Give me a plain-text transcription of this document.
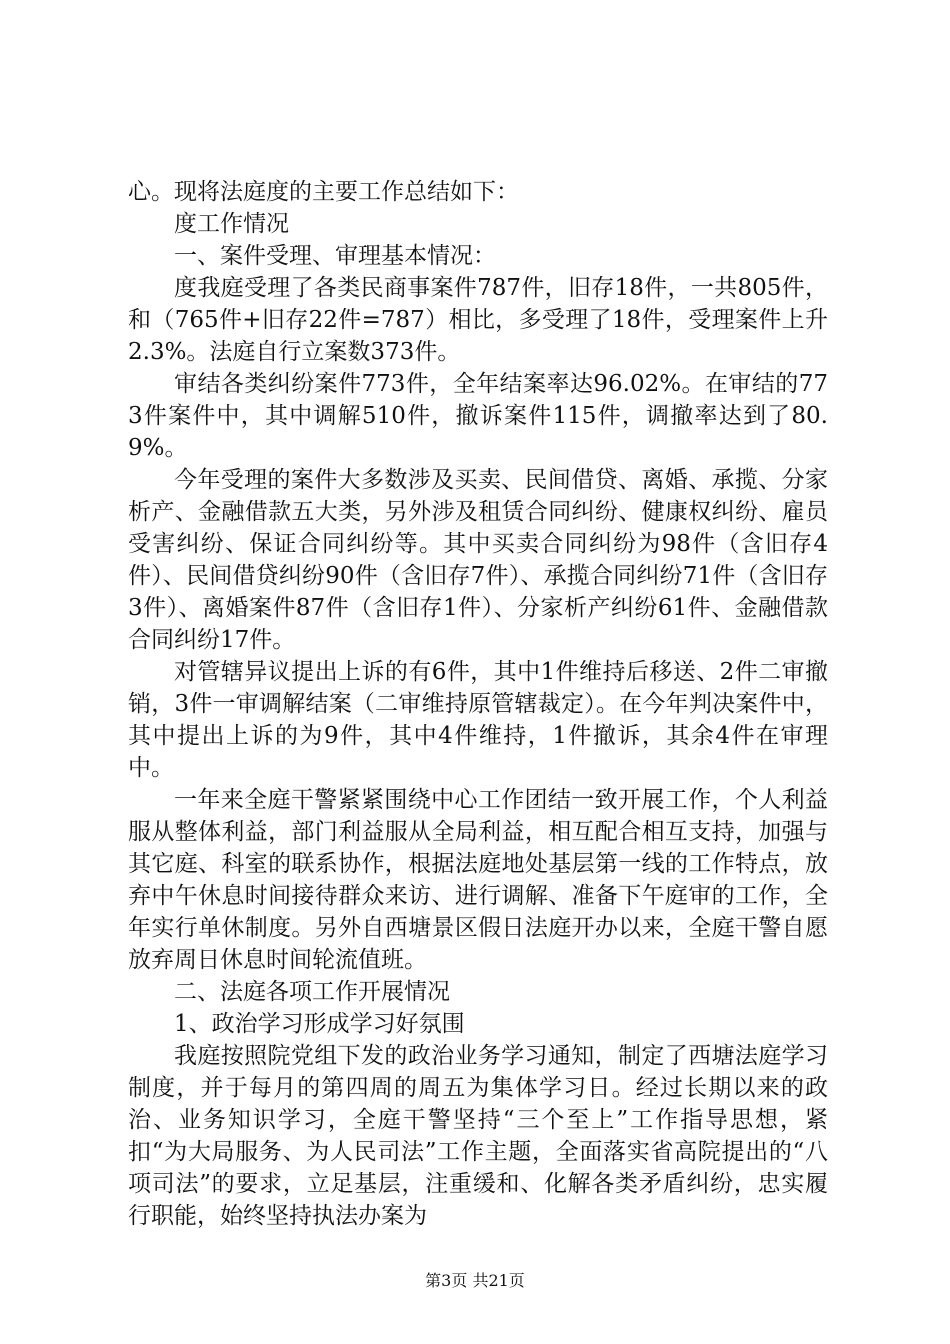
心。现将法庭度的主要工作总结如下：

度工作情况

一、案件受理、审理基本情况：

度我庭受理了各类民商事案件787件，旧存18件，一共805件，和（765件+旧存22件=787）相比，多受理了18件，受理案件上升2.3%。法庭自行立案数373件。

审结各类纠纷案件773件，全年结案率达96.02%。在审结的773件案件中，其中调解510件，撤诉案件115件，调撤率达到了80.9%。

今年受理的案件大多数涉及买卖、民间借贷、离婚、承揽、分家析产、金融借款五大类，另外涉及租赁合同纠纷、健康权纠纷、雇员受害纠纷、保证合同纠纷等。其中买卖合同纠纷为98件（含旧存4件）、民间借贷纠纷90件（含旧存7件）、承揽合同纠纷71件（含旧存3件）、离婚案件87件（含旧存1件）、分家析产纠纷61件、金融借款合同纠纷17件。

对管辖异议提出上诉的有6件，其中1件维持后移送、2件二审撤销，3件一审调解结案（二审维持原管辖裁定）。在今年判决案件中，其中提出上诉的为9件，其中4件维持，1件撤诉，其余4件在审理中。

一年来全庭干警紧紧围绕中心工作团结一致开展工作，个人利益服从整体利益，部门利益服从全局利益，相互配合相互支持，加强与其它庭、科室的联系协作，根据法庭地处基层第一线的工作特点，放弃中午休息时间接待群众来访、进行调解、准备下午庭审的工作，全年实行单休制度。另外自西塘景区假日法庭开办以来，全庭干警自愿放弃周日休息时间轮流值班。

二、法庭各项工作开展情况

1、政治学习形成学习好氛围

我庭按照院党组下发的政治业务学习通知，制定了西塘法庭学习制度，并于每月的第四周的周五为集体学习日。经过长期以来的政治、业务知识学习，全庭干警坚持“三个至上”工作指导思想，紧扣“为大局服务、为人民司法”工作主题，全面落实省高院提出的“八项司法”的要求，立足基层，注重缓和、化解各类矛盾纠纷，忠实履行职能，始终坚持执法办案为

第3页 共21页
